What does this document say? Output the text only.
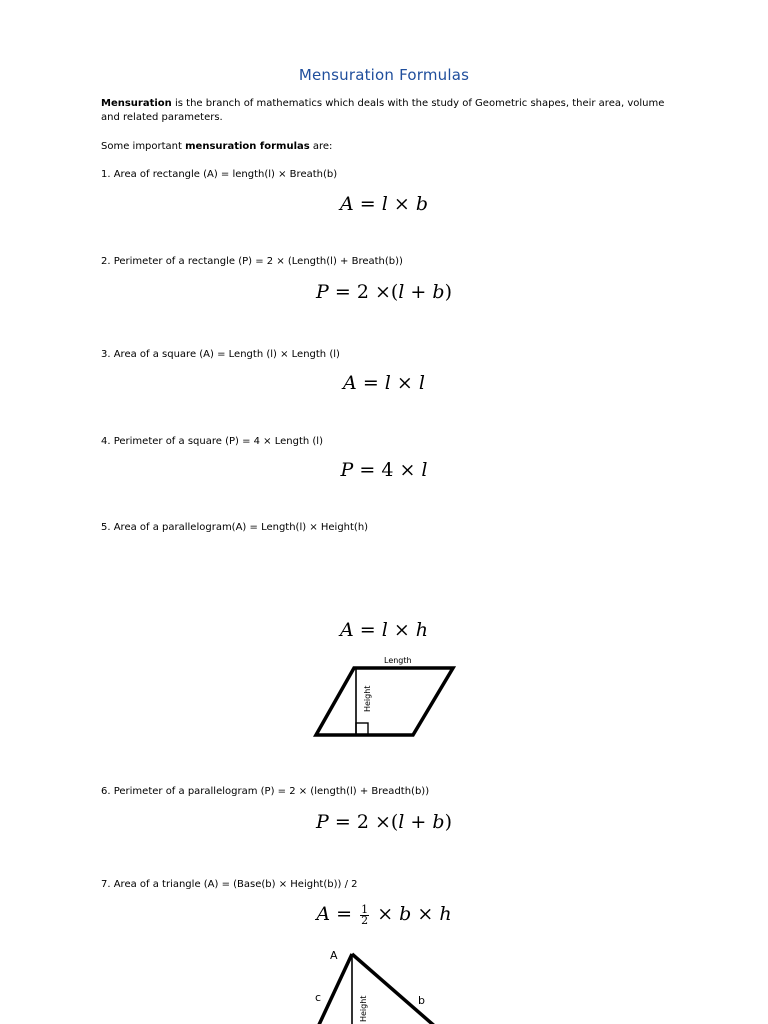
Mensuration Formulas
Mensuration is the branch of mathematics which deals with the study of Geometric shapes, their area, volume and related parameters.
Some important mensuration formulas are:
1. Area of rectangle (A) = length(l) × Breath(b)
A = l × b
2. Perimeter of a rectangle (P) = 2 × (Length(l) + Breath(b))
P = 2 ×(l + b)
3. Area of a square (A) = Length (l) × Length (l)
A = l × l
4. Perimeter of a square (P) = 4 × Length (l)
P = 4 × l
5. Area of a parallelogram(A) = Length(l) × Height(h)
A = l × h
Length
Height
6. Perimeter of a parallelogram (P) = 2 × (length(l) + Breadth(b))
P = 2 ×(l + b)
7. Area of a triangle (A) = (Base(b) × Height(b)) / 2
$A = \frac{1}{2} \times b \times h$
A
c	b
Height
